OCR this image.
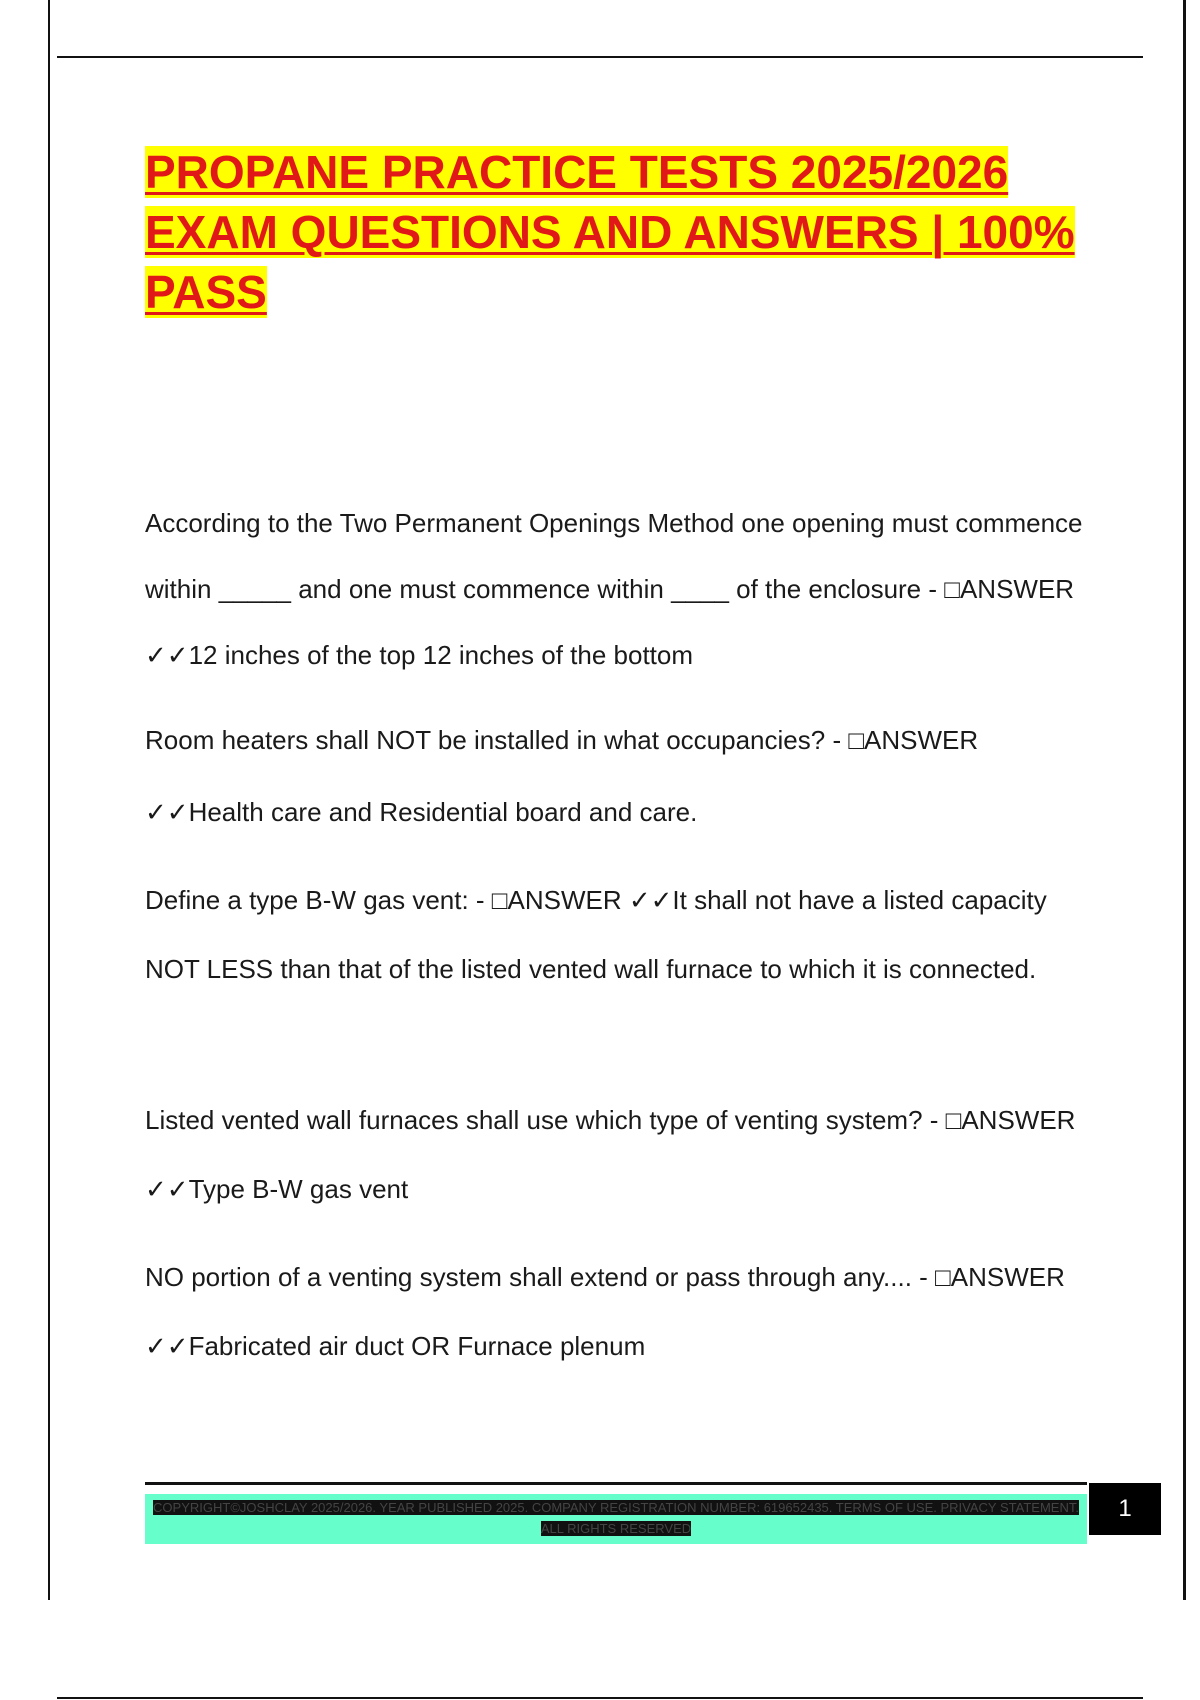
PROPANE PRACTICE TESTS 2025/2026 EXAM QUESTIONS AND ANSWERS | 100% PASS

According to the Two Permanent Openings Method one opening must commence within _____ and one must commence within ____ of the enclosure - □ANSWER ✓✓12 inches of the top 12 inches of the bottom

Room heaters shall NOT be installed in what occupancies? - □ANSWER ✓✓Health care and Residential board and care.

Define a type B-W gas vent: - □ANSWER ✓✓It shall not have a listed capacity NOT LESS than that of the listed vented wall furnace to which it is connected.

Listed vented wall furnaces shall use which type of venting system? - □ANSWER ✓✓Type B-W gas vent

NO portion of a venting system shall extend or pass through any.... - □ANSWER ✓✓Fabricated air duct OR Furnace plenum

COPYRIGHT©JOSHCLAY 2025/2026. YEAR PUBLISHED 2025. COMPANY REGISTRATION NUMBER: 619652435. TERMS OF USE. PRIVACY STATEMENT. ALL RIGHTS RESERVED
1
